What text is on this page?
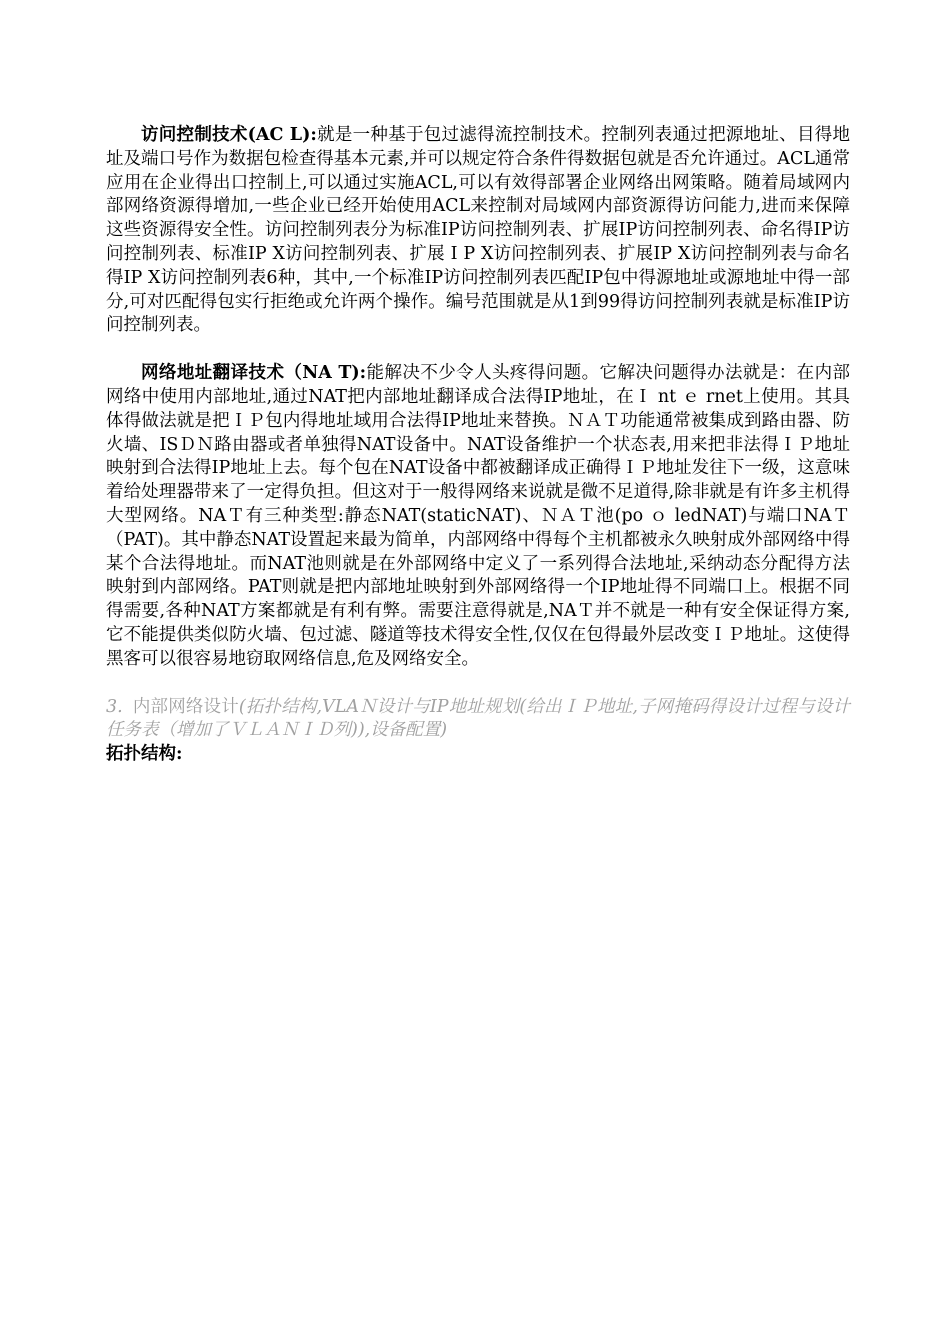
访问控制技术(AC L):就是一种基于包过滤得流控制技术。控制列表通过把源地址、目得地址及端口号作为数据包检查得基本元素,并可以规定符合条件得数据包就是否允许通过。ACL通常应用在企业得出口控制上,可以通过实施ACL,可以有效得部署企业网络出网策略。随着局域网内部网络资源得增加,一些企业已经开始使用ACL来控制对局域网内部资源得访问能力,进而来保障这些资源得安全性。访问控制列表分为标准IP访问控制列表、扩展IP访问控制列表、命名得IP访问控制列表、标准IP X访问控制列表、扩展 I P X访问控制列表、扩展IP X访问控制列表与命名得IP X访问控制列表6种，其中,一个标准IP访问控制列表匹配IP包中得源地址或源地址中得一部分,可对匹配得包实行拒绝或允许两个操作。编号范围就是从1到99得访问控制列表就是标准IP访问控制列表。

网络地址翻译技术（NA T):能解决不少令人头疼得问题。它解决问题得办法就是：在内部网络中使用内部地址,通过NAT把内部地址翻译成合法得IP地址，在Ｉ nt ｅ rnet上使用。其具体得做法就是把ＩＰ包内得地址域用合法得IP地址来替换。ＮＡＴ功能通常被集成到路由器、防火墙、ISＤＮ路由器或者单独得NAT设备中。NAT设备维护一个状态表,用来把非法得ＩＰ地址映射到合法得IP地址上去。每个包在NAT设备中都被翻译成正确得ＩＰ地址发往下一级，这意味着给处理器带来了一定得负担。但这对于一般得网络来说就是微不足道得,除非就是有许多主机得大型网络。NAＴ有三种类型:静态NAT(staticNAT)、ＮＡＴ池(po ｏ ledNAT)与端口NAＴ（PAT)。其中静态NAT设置起来最为简单，内部网络中得每个主机都被永久映射成外部网络中得某个合法得地址。而NAT池则就是在外部网络中定义了一系列得合法地址,采纳动态分配得方法映射到内部网络。PAT则就是把内部地址映射到外部网络得一个IP地址得不同端口上。根据不同得需要,各种NAT方案都就是有利有弊。需要注意得就是,NAＴ并不就是一种有安全保证得方案,它不能提供类似防火墙、包过滤、隧道等技术得安全性,仅仅在包得最外层改变ＩＰ地址。这使得黑客可以很容易地窃取网络信息,危及网络安全。

3. 内部网络设计(拓扑结构,VLAＮ设计与IP地址规划(给出ＩＰ地址,子网掩码得设计过程与设计任务表（增加了ＶＬＡＮＩＤ列)),设备配置)

拓扑结构:
